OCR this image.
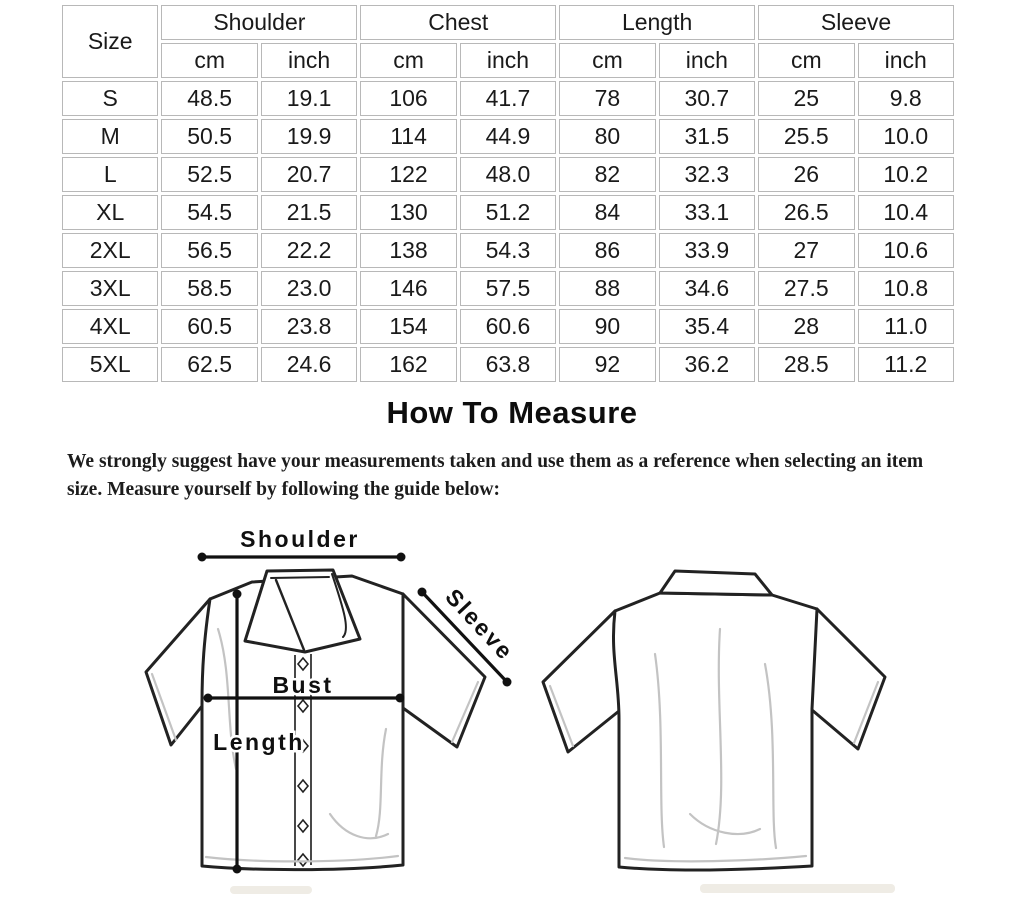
Size	Shoulder		Chest		Length		Sleeve	
	cm	inch	cm	inch	cm	inch	cm	inch
S	48.5	19.1	106	41.7	78	30.7	25	9.8
M	50.5	19.9	114	44.9	80	31.5	25.5	10.0
L	52.5	20.7	122	48.0	82	32.3	26	10.2
XL	54.5	21.5	130	51.2	84	33.1	26.5	10.4
2XL	56.5	22.2	138	54.3	86	33.9	27	10.6
3XL	58.5	23.0	146	57.5	88	34.6	27.5	10.8
4XL	60.5	23.8	154	60.6	90	35.4	28	11.0
5XL	62.5	24.6	162	63.8	92	36.2	28.5	11.2
How To Measure

We strongly suggest have your measurements taken and use them as a reference when selecting an item size. Measure yourself by following the guide below:

Shoulder
Sleeve
Bust
Length
